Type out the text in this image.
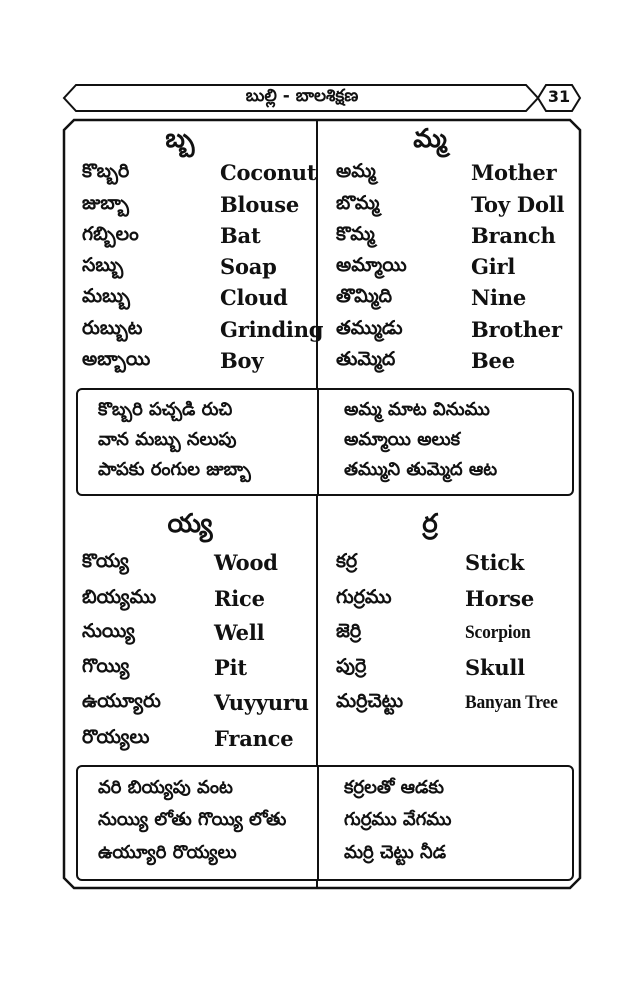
బుల్లి - బాలశిక్షణ	31
బ్బ	మ్మ
కొబ్బరి	Coconut
జుబ్బా	Blouse
గబ్బిలం	Bat
సబ్బు	Soap
మబ్బు	Cloud
రుబ్బుట	Grinding
అబ్బాయి	Boy
అమ్మ	Mother
బొమ్మ	Toy Doll
కొమ్మ	Branch
అమ్మాయి	Girl
తొమ్మిది	Nine
తమ్ముడు	Brother
తుమ్మెద	Bee
కొబ్బరి పచ్చడి రుచి
వాన మబ్బు నలుపు
పాపకు రంగుల జుబ్బా
అమ్మ మాట వినుము
అమ్మాయి అలుక
తమ్ముని తుమ్మెద ఆట
య్య	ర్ర
కొయ్య	Wood
బియ్యము	Rice
నుయ్యి	Well
గొయ్యి	Pit
ఉయ్యూరు	Vuyyuru
రొయ్యలు	France
కర్ర	Stick
గుర్రము	Horse
జెర్రి	Scorpion
పుర్రె	Skull
మర్రిచెట్టు	Banyan Tree
వరి బియ్యపు వంట
నుయ్యి లోతు గొయ్యి లోతు
ఉయ్యూరి రొయ్యలు
కర్రలతో ఆడకు
గుర్రము వేగము
మర్రి చెట్టు నీడ
